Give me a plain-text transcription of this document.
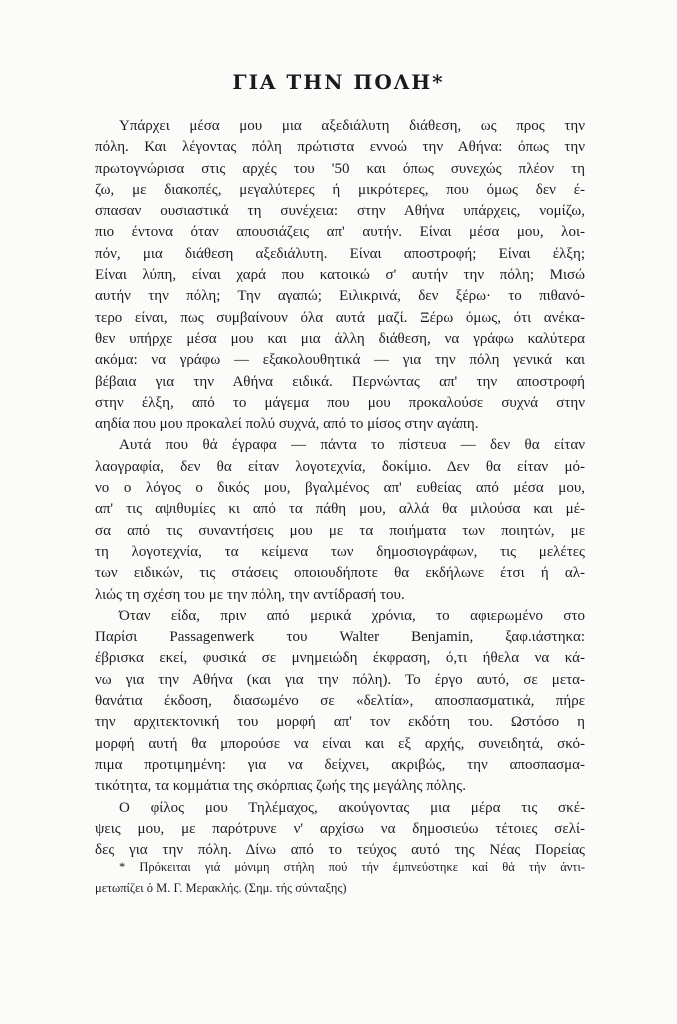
ΓΙΑ ΤΗΝ ΠΟΛΗ*
Υπάρχει μέσα μου μια αξεδιάλυτη διάθεση, ως προς την
πόλη. Και λέγοντας πόλη πρώτιστα εννοώ την Αθήνα: όπως την
πρωτογνώρισα στις αρχές του '50 και όπως συνεχώς πλέον τη
ζω, με διακοπές, μεγαλύτερες ή μικρότερες, που όμως δεν έ-
σπασαν ουσιαστικά τη συνέχεια: στην Αθήνα υπάρχεις, νομίζω,
πιο έντονα όταν απουσιάζεις απ' αυτήν. Είναι μέσα μου, λοι-
πόν, μια διάθεση αξεδιάλυτη. Είναι αποστροφή; Είναι έλξη;
Είναι λύπη, είναι χαρά που κατοικώ σ' αυτήν την πόλη; Μισώ
αυτήν την πόλη; Την αγαπώ; Ειλικρινά, δεν ξέρω· το πιθανό-
τερο είναι, πως συμβαίνουν όλα αυτά μαζί. Ξέρω όμως, ότι ανέκα-
θεν υπήρχε μέσα μου και μια άλλη διάθεση, να γράφω καλύτερα
ακόμα: να γράφω — εξακολουθητικά — για την πόλη γενικά και
βέβαια για την Αθήνα ειδικά. Περνώντας απ' την αποστροφή
στην έλξη, από το μάγεμα που μου προκαλούσε συχνά στην
αηδία που μου προκαλεί πολύ συχνά, από το μίσος στην αγάπη.
Αυτά που θά έγραφα — πάντα το πίστευα — δεν θα είταν
λαογραφία, δεν θα είταν λογοτεχνία, δοκίμιο. Δεν θα είταν μό-
νο ο λόγος ο δικός μου, βγαλμένος απ' ευθείας από μέσα μου,
απ' τις αψιθυμίες κι από τα πάθη μου, αλλά θα μιλούσα και μέ-
σα από τις συναντήσεις μου με τα ποιήματα των ποιητών, με
τη λογοτεχνία, τα κείμενα των δημοσιογράφων, τις μελέτες
των ειδικών, τις στάσεις οποιουδήποτε θα εκδήλωνε έτσι ή αλ-
λιώς τη σχέση του με την πόλη, την αντίδρασή του.
Όταν είδα, πριν από μερικά χρόνια, το αφιερωμένο στο
Παρίσι Passagenwerk του Walter Benjamin, ξαφ.ιάστηκα:
έβρισκα εκεί, φυσικά σε μνημειώδη έκφραση, ό,τι ήθελα να κά-
νω για την Αθήνα (και για την πόλη). Το έργο αυτό, σε μετα-
θανάτια έκδοση, διασωμένο σε «δελτία», αποσπασματικά, πήρε
την αρχιτεκτονική του μορφή απ' τον εκδότη του. Ωστόσο η
μορφή αυτή θα μπορούσε να είναι και εξ αρχής, συνειδητά, σκό-
πιμα προτιμημένη: για να δείχνει, ακριβώς, την αποσπασμα-
τικότητα, τα κομμάτια της σκόρπιας ζωής της μεγάλης πόλης.
Ο φίλος μου Τηλέμαχος, ακούγοντας μια μέρα τις σκέ-
ψεις μου, με παρότρυνε ν' αρχίσω να δημοσιεύω τέτοιες σελί-
δες για την πόλη. Δίνω από το τεύχος αυτό της Νέας Πορείας
* Πρόκειται γιά μόνιμη στήλη πού τήν έμπνεύστηκε καί θά τήν άντι-
μετωπίζει ό Μ. Γ. Μερακλής. (Σημ. τής σύνταξης)
